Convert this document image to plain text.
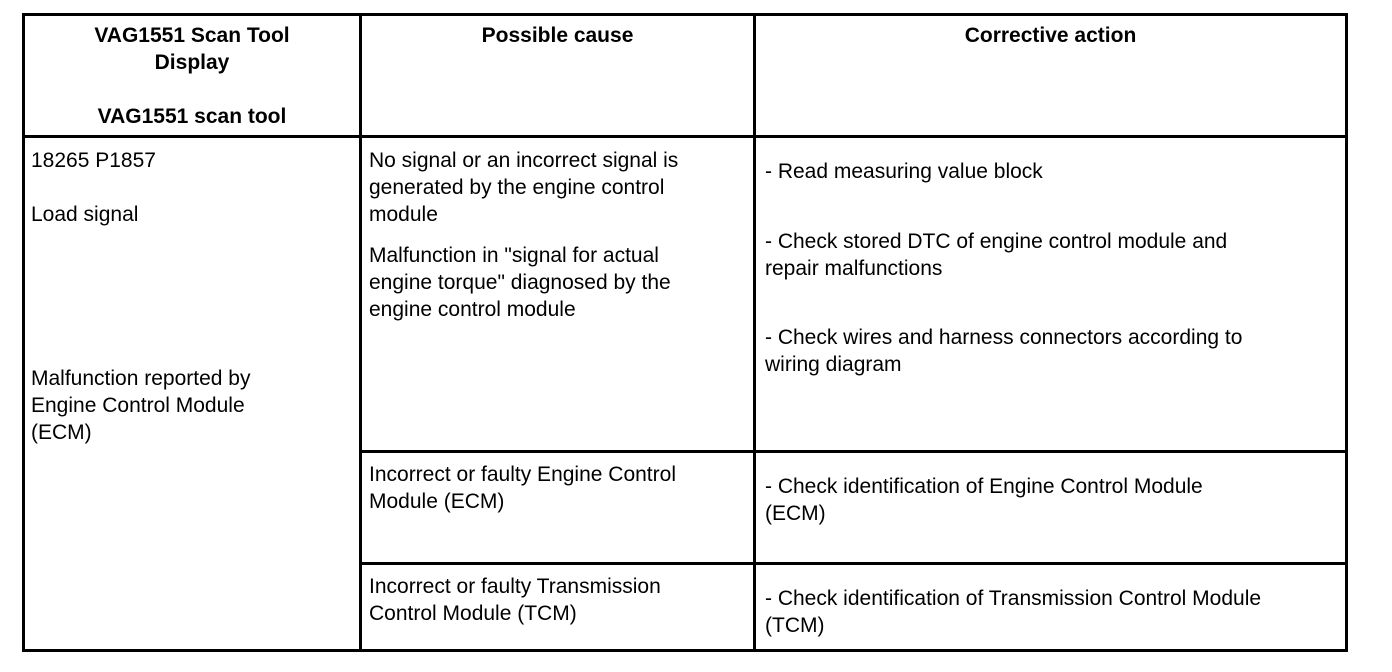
VAG1551 Scan Tool

Display

VAG1551 scan tool

Possible cause	Corrective action

18265 P1857

Load signal

Malfunction reported by

Engine Control Module

(ECM)

No signal or an incorrect signal is

generated by the engine control

module

Malfunction in "signal for actual

engine torque" diagnosed by the

engine control module

- Read measuring value block

- Check stored DTC of engine control module and

repair malfunctions

- Check wires and harness connectors according to

wiring diagram

Incorrect or faulty Engine Control

Module (ECM)

- Check identification of Engine Control Module

(ECM)

Incorrect or faulty Transmission

Control Module (TCM)

- Check identification of Transmission Control Module

(TCM)
